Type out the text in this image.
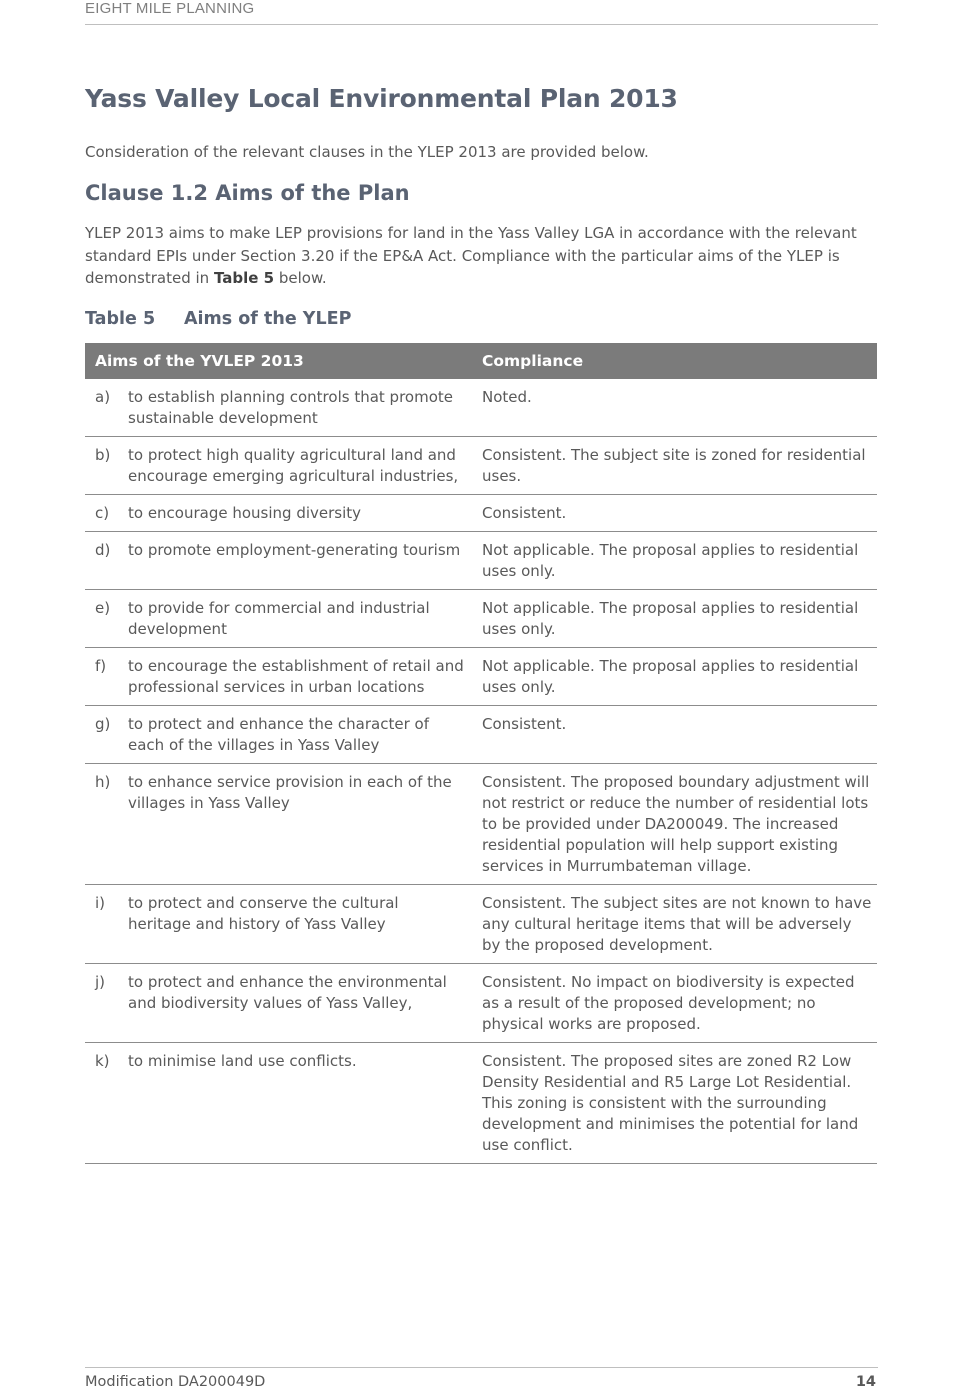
EIGHT MILE PLANNING
Yass Valley Local Environmental Plan 2013
Consideration of the relevant clauses in the YLEP 2013 are provided below.
Clause 1.2 Aims of the Plan

YLEP 2013 aims to make LEP provisions for land in the Yass Valley LGA in accordance with the relevant standard EPIs under Section 3.20 if the EP&A Act. Compliance with the particular aims of the YLEP is demonstrated in Table 5 below.

Table 5 Aims of the YLEP
Aims of the YVLEP 2013		Compliance
a)	to establish planning controls that promote sustainable development	Noted.
b)	to protect high quality agricultural land and encourage emerging agricultural industries,	Consistent. The subject site is zoned for residential uses.
c)	to encourage housing diversity	Consistent.
d)	to promote employment-generating tourism	Not applicable. The proposal applies to residential uses only.
e)	to provide for commercial and industrial development	Not applicable. The proposal applies to residential uses only.
f)	to encourage the establishment of retail and professional services in urban locations	Not applicable. The proposal applies to residential uses only.
g)	to protect and enhance the character of each of the villages in Yass Valley	Consistent.
h)	to enhance service provision in each of the villages in Yass Valley	Consistent. The proposed boundary adjustment will not restrict or reduce the number of residential lots to be provided under DA200049. The increased residential population will help support existing services in Murrumbateman village.
i)	to protect and conserve the cultural heritage and history of Yass Valley	Consistent. The subject sites are not known to have any cultural heritage items that will be adversely by the proposed development.
j)	to protect and enhance the environmental and biodiversity values of Yass Valley,	Consistent. No impact on biodiversity is expected as a result of the proposed development; no physical works are proposed.
k)	to minimise land use conflicts.	Consistent. The proposed sites are zoned R2 Low Density Residential and R5 Large Lot Residential. This zoning is consistent with the surrounding development and minimises the potential for land use conflict.
Modification DA200049D	14
